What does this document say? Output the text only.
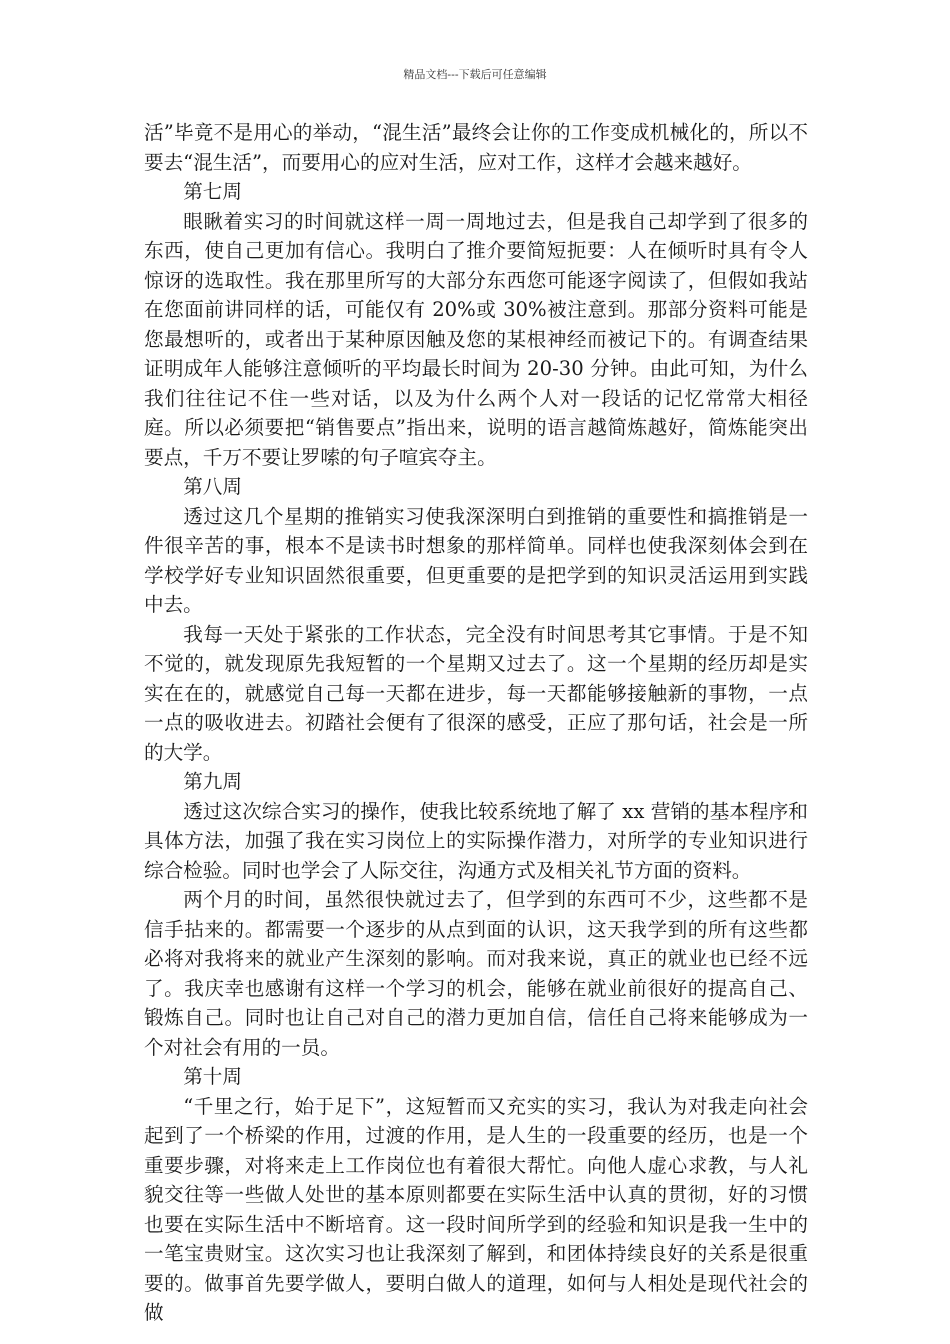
精品文档---下载后可任意编辑

活”毕竟不是用心的举动，“混生活”最终会让你的工作变成机械化的，所以不要去“混生活”，而要用心的应对生活，应对工作，这样才会越来越好。

第七周

眼瞅着实习的时间就这样一周一周地过去，但是我自己却学到了很多的东西，使自己更加有信心。我明白了推介要简短扼要：人在倾听时具有令人惊讶的选取性。我在那里所写的大部分东西您可能逐字阅读了，但假如我站在您面前讲同样的话，可能仅有 20%或 30%被注意到。那部分资料可能是您最想听的，或者出于某种原因触及您的某根神经而被记下的。有调查结果证明成年人能够注意倾听的平均最长时间为 20-30 分钟。由此可知，为什么我们往往记不住一些对话，以及为什么两个人对一段话的记忆常常大相径庭。所以必须要把“销售要点”指出来，说明的语言越简炼越好，简炼能突出要点，千万不要让罗嗦的句子喧宾夺主。

第八周

透过这几个星期的推销实习使我深深明白到推销的重要性和搞推销是一件很辛苦的事，根本不是读书时想象的那样简单。同样也使我深刻体会到在学校学好专业知识固然很重要，但更重要的是把学到的知识灵活运用到实践中去。

我每一天处于紧张的工作状态，完全没有时间思考其它事情。于是不知不觉的，就发现原先我短暂的一个星期又过去了。这一个星期的经历却是实实在在的，就感觉自己每一天都在进步，每一天都能够接触新的事物，一点一点的吸收进去。初踏社会便有了很深的感受，正应了那句话，社会是一所的大学。

第九周

透过这次综合实习的操作，使我比较系统地了解了 xx 营销的基本程序和具体方法，加强了我在实习岗位上的实际操作潜力，对所学的专业知识进行综合检验。同时也学会了人际交往，沟通方式及相关礼节方面的资料。

两个月的时间，虽然很快就过去了，但学到的东西可不少，这些都不是信手拈来的。都需要一个逐步的从点到面的认识，这天我学到的所有这些都必将对我将来的就业产生深刻的影响。而对我来说，真正的就业也已经不远了。我庆幸也感谢有这样一个学习的机会，能够在就业前很好的提高自己、锻炼自己。同时也让自己对自己的潜力更加自信，信任自己将来能够成为一个对社会有用的一员。

第十周

“千里之行，始于足下”，这短暂而又充实的实习，我认为对我走向社会起到了一个桥梁的作用，过渡的作用，是人生的一段重要的经历，也是一个重要步骤，对将来走上工作岗位也有着很大帮忙。向他人虚心求教，与人礼貌交往等一些做人处世的基本原则都要在实际生活中认真的贯彻，好的习惯也要在实际生活中不断培育。这一段时间所学到的经验和知识是我一生中的一笔宝贵财宝。这次实习也让我深刻了解到，和团体持续良好的关系是很重要的。做事首先要学做人，要明白做人的道理，如何与人相处是现代社会的做
